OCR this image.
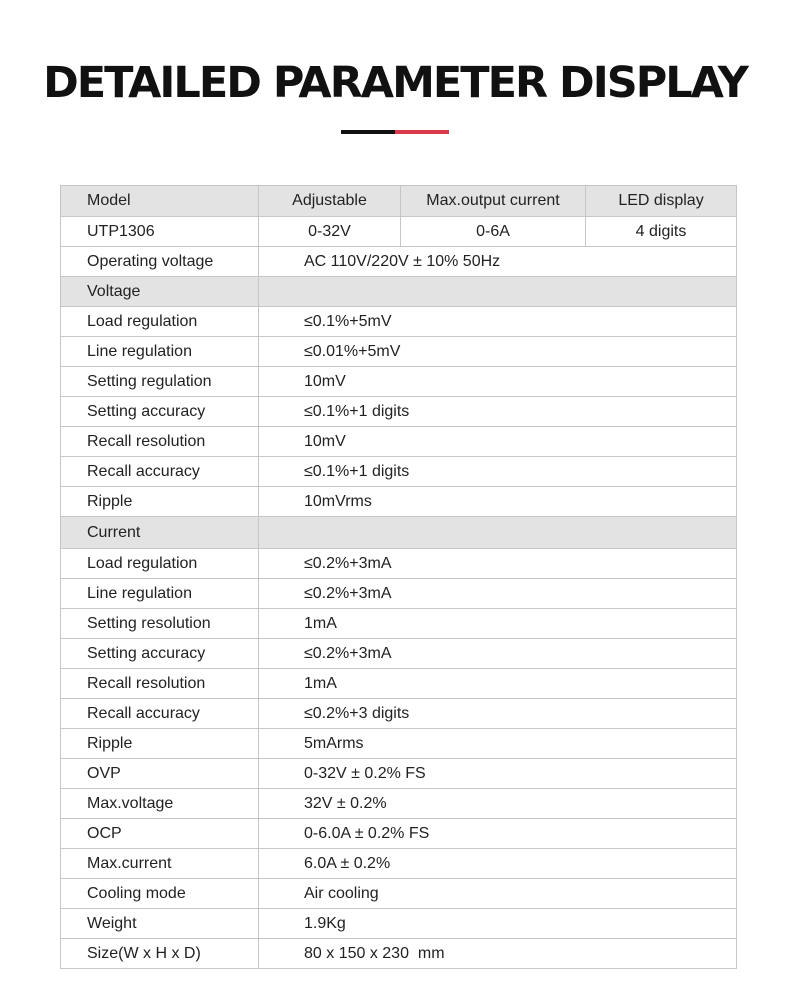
DETAILED PARAMETER DISPLAY
Model	Adjustable	Max.output current	LED display
UTP1306	0-32V	0-6A	4 digits
Operating voltage	AC 110V/220V ± 10% 50Hz		
Voltage			
Load regulation	≤0.1%+5mV		
Line regulation	≤0.01%+5mV		
Setting regulation	10mV		
Setting accuracy	≤0.1%+1 digits		
Recall resolution	10mV		
Recall accuracy	≤0.1%+1 digits		
Ripple	10mVrms		
Current			
Load regulation	≤0.2%+3mA		
Line regulation	≤0.2%+3mA		
Setting resolution	1mA		
Setting accuracy	≤0.2%+3mA		
Recall resolution	1mA		
Recall accuracy	≤0.2%+3 digits		
Ripple	5mArms		
OVP	0-32V ± 0.2% FS		
Max.voltage	32V ± 0.2%		
OCP	0-6.0A ± 0.2% FS		
Max.current	6.0A ± 0.2%		
Cooling mode	Air cooling		
Weight	1.9Kg		
Size(W x H x D)	80 x 150 x 230  mm		
